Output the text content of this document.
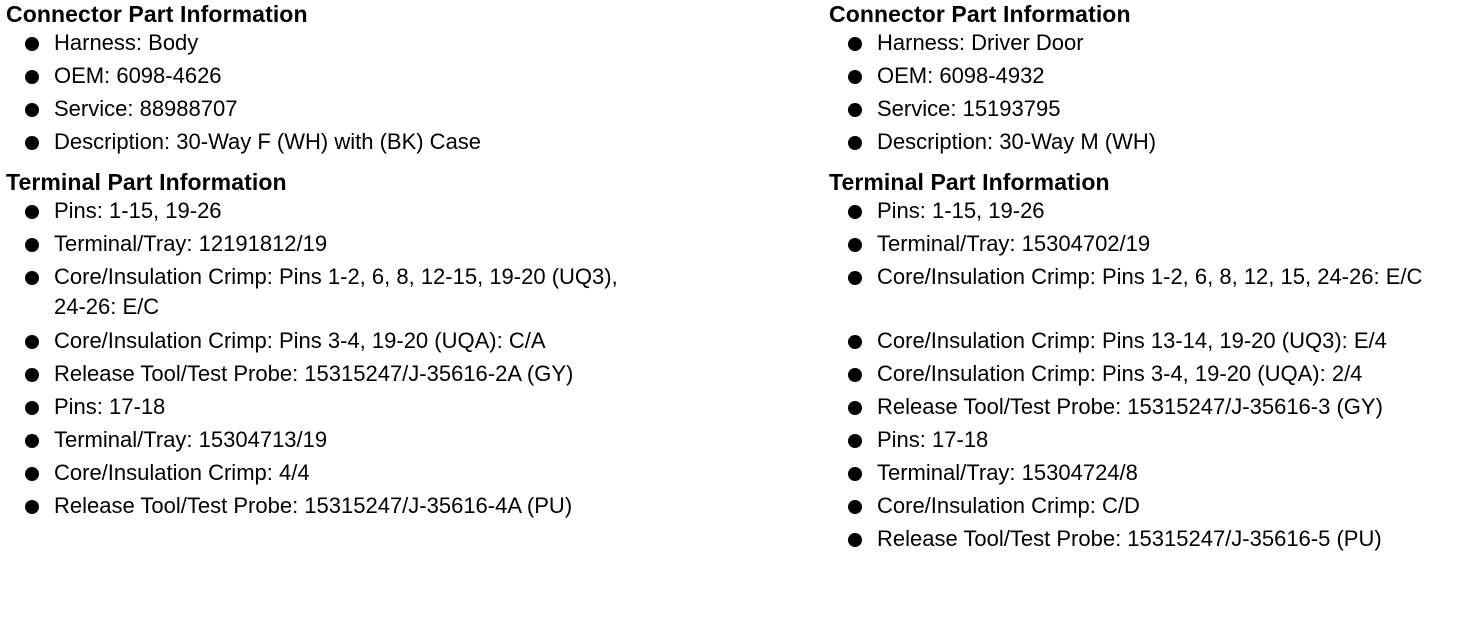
Connector Part Information
Harness: Body
OEM: 6098-4626
Service: 88988707
Description: 30-Way F (WH) with (BK) Case
Terminal Part Information
Pins: 1-15, 19-26
Terminal/Tray: 12191812/19
Core/Insulation Crimp: Pins 1-2, 6, 8, 12-15, 19-20 (UQ3), 24-26: E/C
Core/Insulation Crimp: Pins 3-4, 19-20 (UQA): C/A
Release Tool/Test Probe: 15315247/J-35616-2A (GY)
Pins: 17-18
Terminal/Tray: 15304713/19
Core/Insulation Crimp: 4/4
Release Tool/Test Probe: 15315247/J-35616-4A (PU)
Connector Part Information
Harness: Driver Door
OEM: 6098-4932
Service: 15193795
Description: 30-Way M (WH)
Terminal Part Information
Pins: 1-15, 19-26
Terminal/Tray: 15304702/19
Core/Insulation Crimp: Pins 1-2, 6, 8, 12, 15, 24-26: E/C
Core/Insulation Crimp: Pins 13-14, 19-20 (UQ3): E/4
Core/Insulation Crimp: Pins 3-4, 19-20 (UQA): 2/4
Release Tool/Test Probe: 15315247/J-35616-3 (GY)
Pins: 17-18
Terminal/Tray: 15304724/8
Core/Insulation Crimp: C/D
Release Tool/Test Probe: 15315247/J-35616-5 (PU)
